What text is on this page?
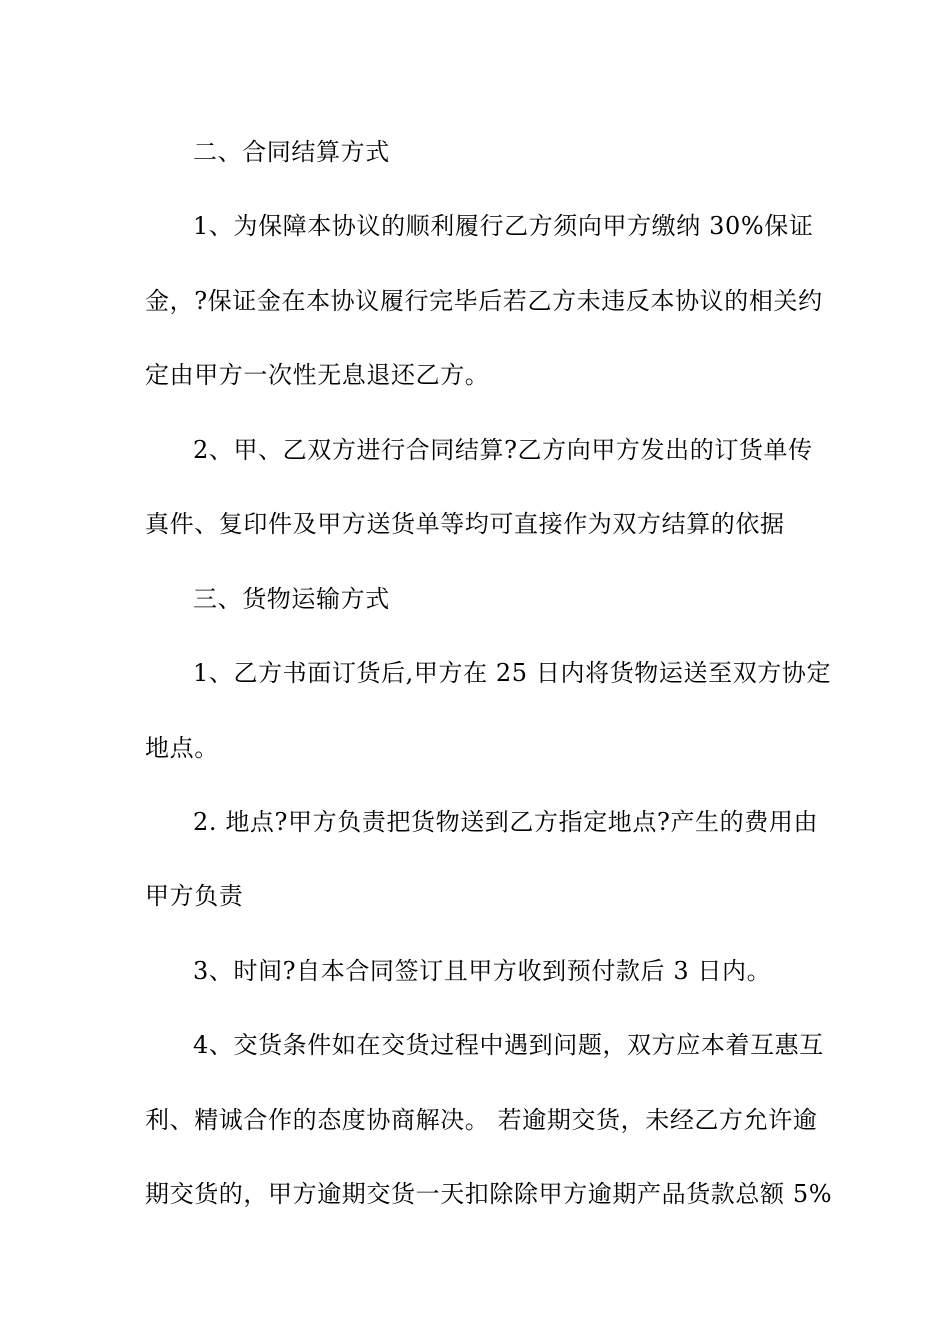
二、合同结算方式
1、为保障本协议的顺利履行乙方须向甲方缴纳 30%保证
金，?保证金在本协议履行完毕后若乙方未违反本协议的相关约
定由甲方一次性无息退还乙方。
2、甲、乙双方进行合同结算?乙方向甲方发出的订货单传
真件、复印件及甲方送货单等均可直接作为双方结算的依据
三、货物运输方式
1、乙方书面订货后,甲方在 25 日内将货物运送至双方协定
地点。
2. 地点?甲方负责把货物送到乙方指定地点?产生的费用由
甲方负责
3、时间?自本合同签订且甲方收到预付款后 3 日内。
4、交货条件如在交货过程中遇到问题，双方应本着互惠互
利、精诚合作的态度协商解决。 若逾期交货，未经乙方允许逾
期交货的，甲方逾期交货一天扣除除甲方逾期产品货款总额 5%
